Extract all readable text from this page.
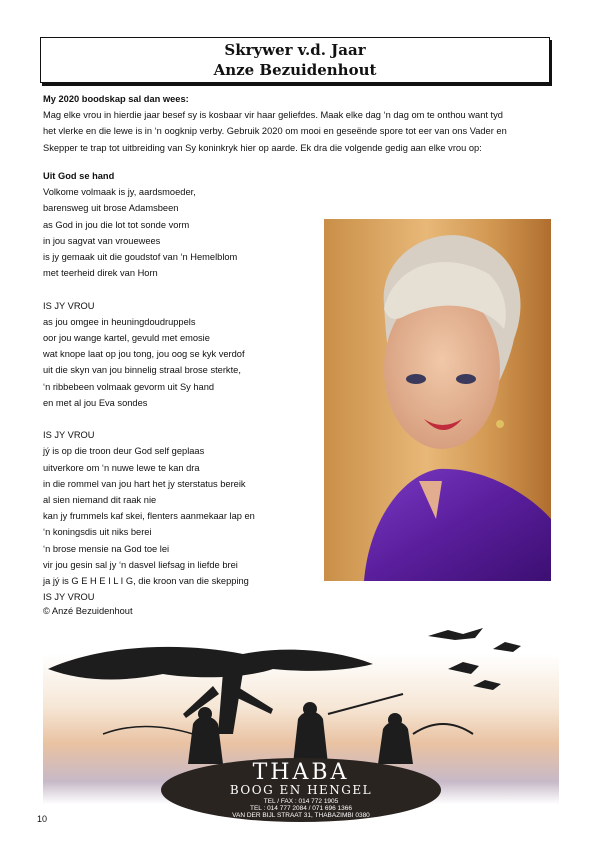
Skrywer v.d. Jaar
Anze Bezuidenhout
My 2020 boodskap sal dan wees:
Mag elke vrou in hierdie jaar besef sy is kosbaar vir haar geliefdes. Maak elke dag ‘n dag om te onthou want tyd
het vlerke en die lewe is in ‘n oogknip verby. Gebruik 2020 om mooi en geseënde spore tot eer van ons Vader en
Skepper te trap tot uitbreiding van Sy koninkryk hier op aarde. Ek dra die volgende gedig aan elke vrou op:
Uit God se hand
Volkome volmaak is jy, aardsmoeder,
barensweg uit brose Adamsbeen
as God in jou die lot tot sonde vorm
in jou sagvat van vrouewees
is jy gemaak uit die goudstof van ‘n Hemelblom
met teerheid direk van Horn
IS JY VROU
as jou omgee in heuningdoudruppels
oor jou wange kartel, gevuld met emosie
wat knope laat op jou tong, jou oog se kyk verdof
uit die skyn van jou binnelig straal brose sterkte,
‘n ribbebeen volmaak gevorm uit Sy hand
en met al jou Eva sondes
IS JY VROU
jý is op die troon deur God self geplaas
uitverkore om ‘n nuwe lewe te kan dra
in die rommel van jou hart het jy sterstatus bereik
al sien niemand dit raak nie
kan jy frummels kaf skei, flenters aanmekaar lap en
‘n koningsdis uit niks berei
‘n brose mensie na God toe lei
vir jou gesin sal jy ‘n dasvel liefsag in liefde brei
ja jý is G E H E I L I G, die kroon van die skepping
IS JY VROU
© Anzé Bezuidenhout
THABA
BOOG EN HENGEL
TEL / FAX : 014 772 1905
TEL : 014 777 2084 / 071 696 1366
VAN DER BIJL STRAAT 31, THABAZIMBI 0380
10
